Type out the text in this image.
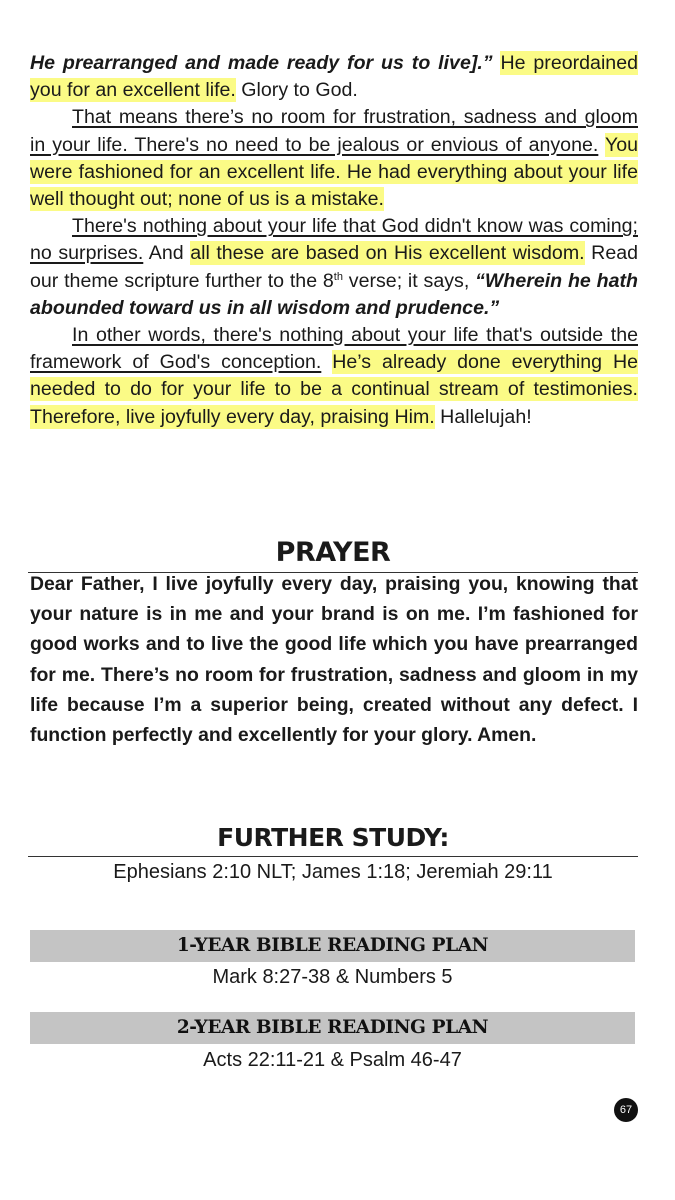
He prearranged and made ready for us to live].” He preordained you for an excellent life. Glory to God.

That means there’s no room for frustration, sadness and gloom in your life. There's no need to be jealous or envious of anyone. You were fashioned for an excellent life. He had everything about your life well thought out; none of us is a mistake.

There's nothing about your life that God didn't know was coming; no surprises. And all these are based on His excellent wisdom. Read our theme scripture further to the 8th verse; it says, “Wherein he hath abounded toward us in all wisdom and prudence.”

In other words, there's nothing about your life that's outside the framework of God's conception. He’s already done everything He needed to do for your life to be a continual stream of testimonies. Therefore, live joyfully every day, praising Him. Hallelujah!

PRAYER

Dear Father, I live joyfully every day, praising you, knowing that your nature is in me and your brand is on me. I’m fashioned for good works and to live the good life which you have prearranged for me. There’s no room for frustration, sadness and gloom in my life because I’m a superior being, created without any defect. I function perfectly and excellently for your glory. Amen.

FURTHER STUDY:

Ephesians 2:10 NLT; James 1:18; Jeremiah 29:11

1-YEAR BIBLE READING PLAN

Mark 8:27-38 & Numbers 5

2-YEAR BIBLE READING PLAN

Acts 22:11-21 & Psalm 46-47

67
